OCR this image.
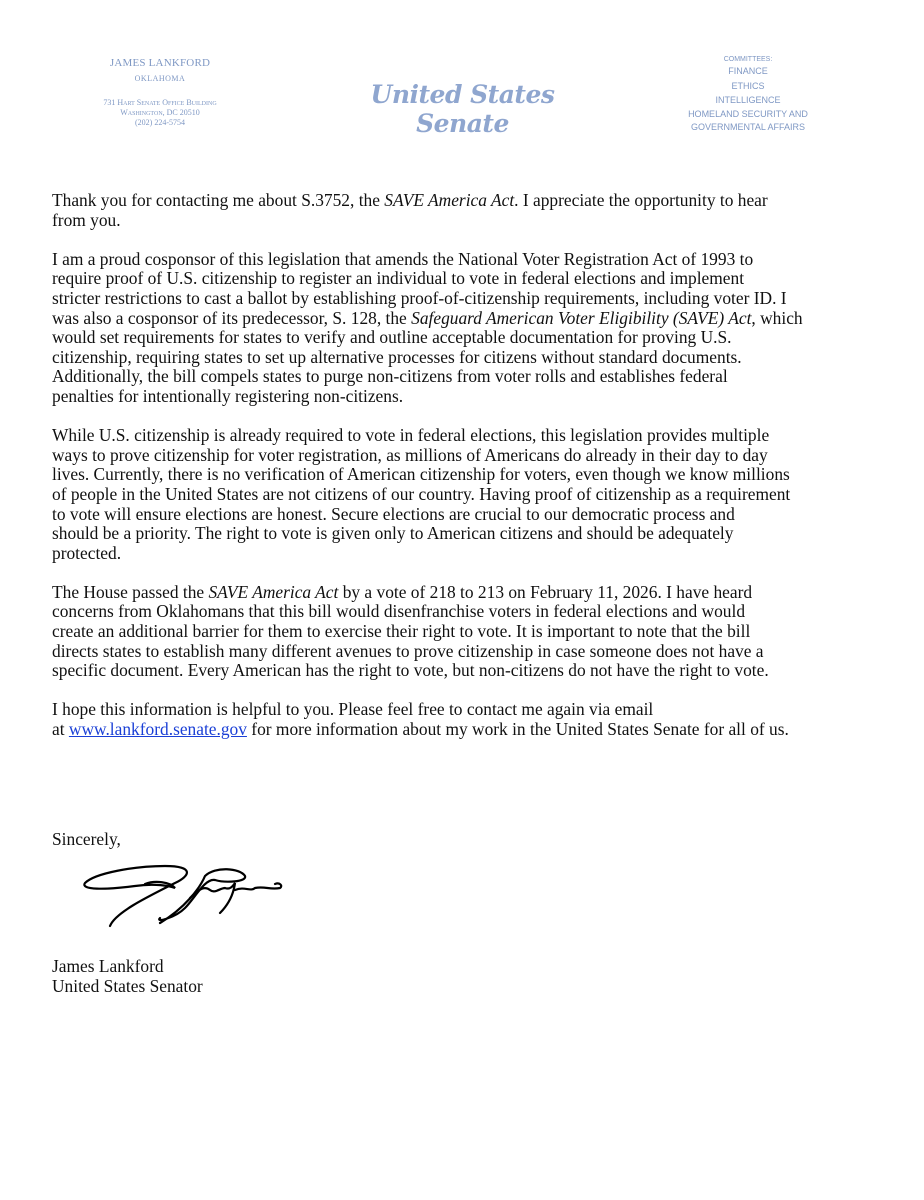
JAMES LANKFORD
OKLAHOMA
731 Hart Senate Office Building
Washington, DC 20510
(202) 224-5754
United States Senate
COMMITTEES:
FINANCE
ETHICS
INTELLIGENCE
HOMELAND SECURITY AND
GOVERNMENTAL AFFAIRS
Thank you for contacting me about S.3752, the SAVE America Act. I appreciate the opportunity to hear
from you.
I am a proud cosponsor of this legislation that amends the National Voter Registration Act of 1993 to
require proof of U.S. citizenship to register an individual to vote in federal elections and implement
stricter restrictions to cast a ballot by establishing proof-of-citizenship requirements, including voter ID. I
was also a cosponsor of its predecessor, S. 128, the Safeguard American Voter Eligibility (SAVE) Act, which
would set requirements for states to verify and outline acceptable documentation for proving U.S.
citizenship, requiring states to set up alternative processes for citizens without standard documents.
Additionally, the bill compels states to purge non-citizens from voter rolls and establishes federal
penalties for intentionally registering non-citizens.
While U.S. citizenship is already required to vote in federal elections, this legislation provides multiple
ways to prove citizenship for voter registration, as millions of Americans do already in their day to day
lives. Currently, there is no verification of American citizenship for voters, even though we know millions
of people in the United States are not citizens of our country. Having proof of citizenship as a requirement
to vote will ensure elections are honest. Secure elections are crucial to our democratic process and
should be a priority. The right to vote is given only to American citizens and should be adequately
protected.
The House passed the SAVE America Act by a vote of 218 to 213 on February 11, 2026. I have heard
concerns from Oklahomans that this bill would disenfranchise voters in federal elections and would
create an additional barrier for them to exercise their right to vote. It is important to note that the bill
directs states to establish many different avenues to prove citizenship in case someone does not have a
specific document. Every American has the right to vote, but non-citizens do not have the right to vote.
I hope this information is helpful to you. Please feel free to contact me again via email
at www.lankford.senate.gov for more information about my work in the United States Senate for all of us.
Sincerely,
James Lankford
United States Senator
